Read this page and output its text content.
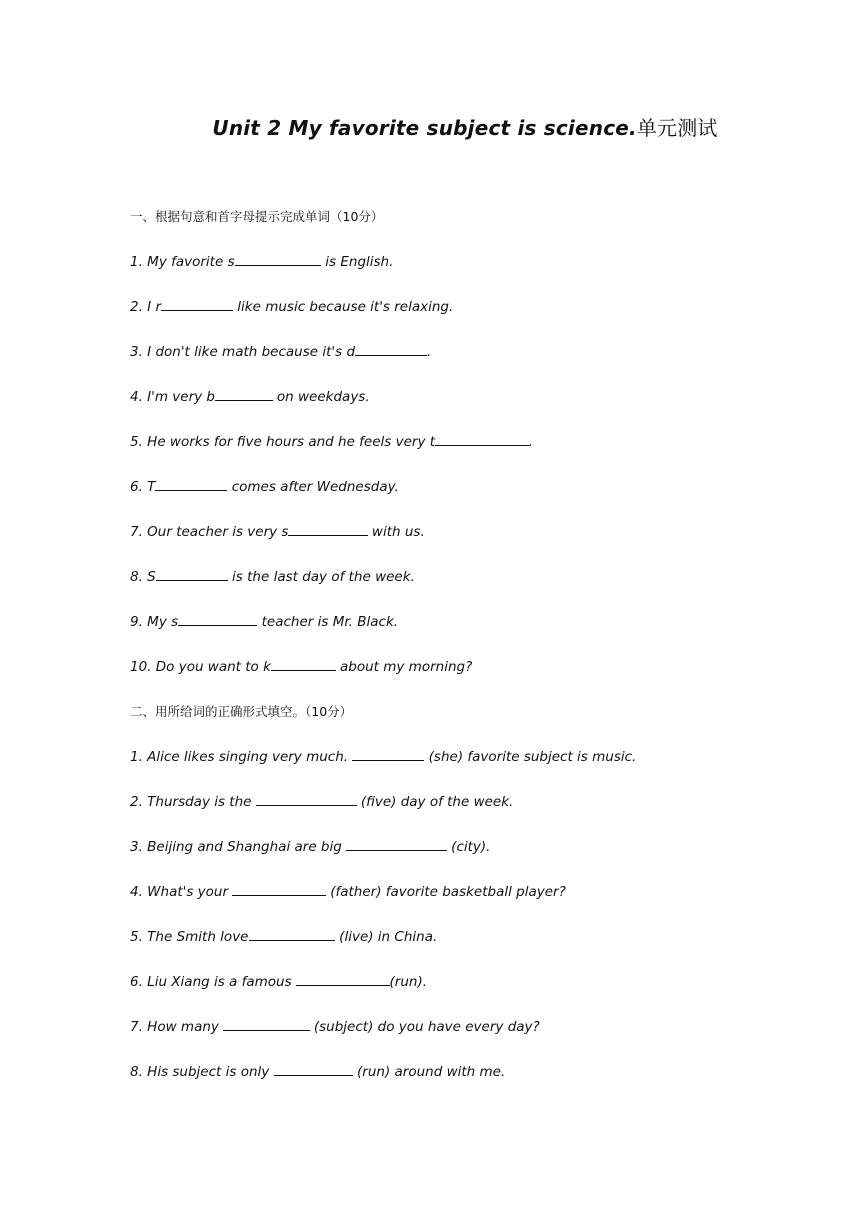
Unit 2 My favorite subject is science.单元测试
一、根据句意和首字母提示完成单词（10分）
1. My favorite s	is English.
2. I r	like music because it's relaxing.
3. I don't like math because it's d	.
4. I'm very b	on weekdays.
5. He works for five hours and he feels very t	.
6. T	comes after Wednesday.
7. Our teacher is very s	with us.
8. S	is the last day of the week.
9. My s	teacher is Mr. Black.
10. Do you want to k	about my morning?
二、用所给词的正确形式填空。（10分）
1. Alice likes singing very much.	(she) favorite subject is music.
2. Thursday is the	(five) day of the week.
3. Beijing and Shanghai are big	(city).
4. What's your	(father) favorite basketball player?
5. The Smith love	(live) in China.
6. Liu Xiang is a famous	(run).
7. How many	(subject) do you have every day?
8. His subject is only	(run) around with me.
